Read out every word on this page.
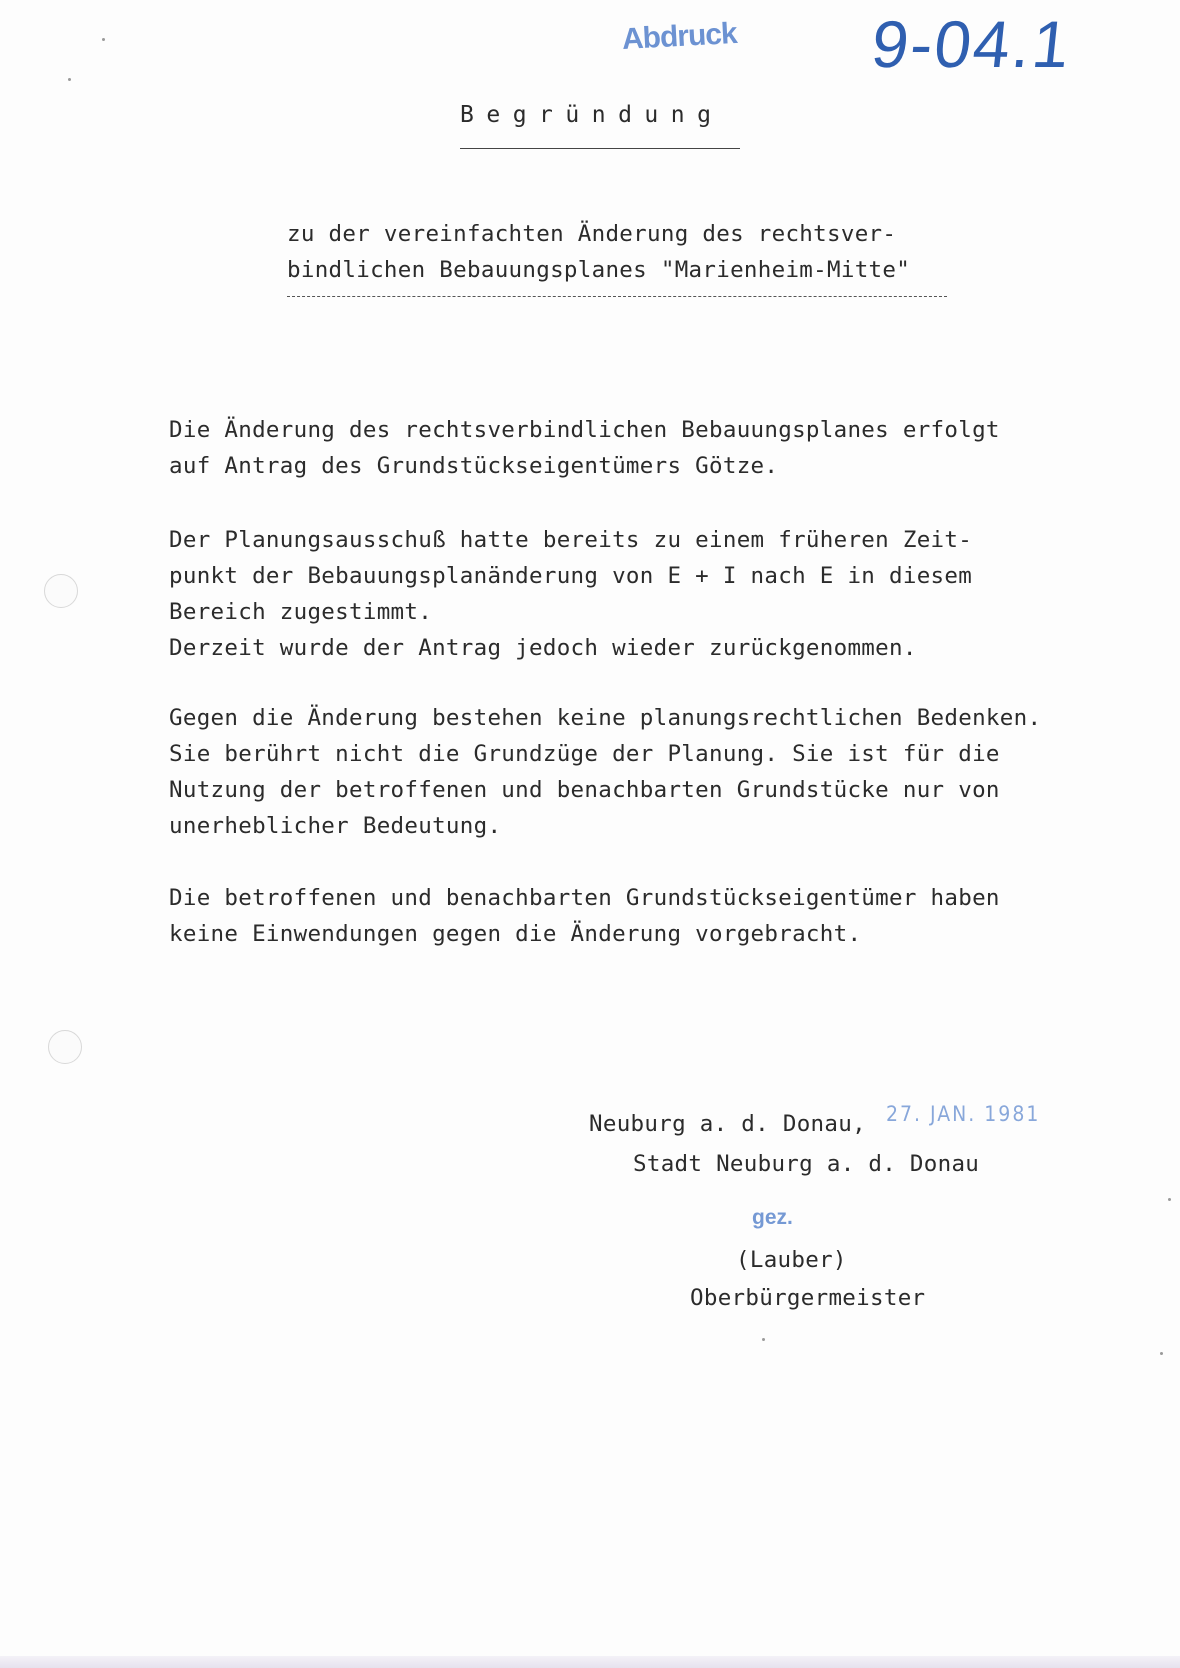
Abdruck 9-04.1
Begründung
zu der vereinfachten Änderung des rechtsver-
bindlichen Bebauungsplanes "Marienheim-Mitte"
Die Änderung des rechtsverbindlichen Bebauungsplanes erfolgt
auf Antrag des Grundstückseigentümers Götze.
Der Planungsausschuß hatte bereits zu einem früheren Zeit-
punkt der Bebauungsplanänderung von E + I nach E in diesem
Bereich zugestimmt.
Derzeit wurde der Antrag jedoch wieder zurückgenommen.
Gegen die Änderung bestehen keine planungsrechtlichen Bedenken.
Sie berührt nicht die Grundzüge der Planung. Sie ist für die
Nutzung der betroffenen und benachbarten Grundstücke nur von
unerheblicher Bedeutung.
Die betroffenen und benachbarten Grundstückseigentümer haben
keine Einwendungen gegen die Änderung vorgebracht.
Neuburg a. d. Donau, 27. JAN. 1981
Stadt Neuburg a. d. Donau
gez.
(Lauber)
Oberbürgermeister
